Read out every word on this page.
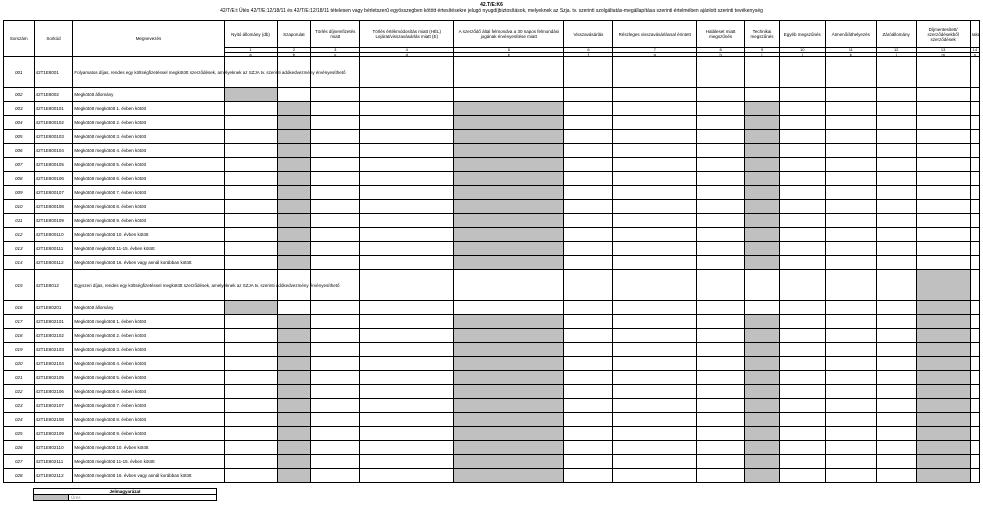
42.T/E:K6
42/T/E:t Ütés 42/T/E:12/18/11 és 42/T/E:12/18/11 tételesen vagy bérletszerű egyösszegben kötött értesítésekre jelugó nyugdíjbiztosítások, melyeknek az Szja. tv. szerinti szolgáltatás-megállapítása szerinti értelmében ajánlott szerinti tevékenység
Sorszám	Sorkód	Megnevezés	Nyitó állomány (db)	Szaporulat	Törlés díjnemfizetés miatt	Törlés értékmódosítás miatt (HÉL) Lejárat/visszavásárlás miatt (E)	A szerződő által felmondva a 30 napos felmondási jogának érvényesítése miatt	Visszavásárlás	Részleges visszavásárlással érintett	Haláleset miatt megszűnés	Technikai megszűnés	Egyéb megszűnés	Átmenő/áthelyezés	Záróállomány	Díjmentesített/ szerződésekből szerződések	Iaké
			1	2	3	4	5	6	7	8	9	10	11	12	13	14
			a	b	c	d	e	f	g	h	i	j	k	l	m	n
001	42T1E8001	Folyamatos díjas, rendes egy költségfizetéssel megkötött szerződések, amelyeknek az SZJA tv. szerinti adókedvezmény érvényesíthető														
002	42T1E8002	Megkötött állomány														
003	42T1E800101	Megkötött megkötött 1. évben kötött														
004	42T1E800102	Megkötött megkötött 2. évben kötött														
005	42T1E800103	Megkötött megkötött 3. évben kötött														
006	42T1E800104	Megkötött megkötött 4. évben kötött														
007	42T1E800105	Megkötött megkötött 5. évben kötött														
008	42T1E800106	Megkötött megkötött 6. évben kötött														
009	42T1E800107	Megkötött megkötött 7. évben kötött														
010	42T1E800108	Megkötött megkötött 8. évben kötött														
011	42T1E800109	Megkötött megkötött 9. évben kötött														
012	42T1E800110	Megkötött megkötött 10. évben kötött														
013	42T1E800111	Megkötött megkötött 11-15. évben kötött														
014	42T1E800112	Megkötött megkötött 16. évben vagy annál korábban kötött														
015	42T1E8012	Egyszeri díjas, rendes egy költségfizetéssel megkötött szerződések, amelyeknek az SZJA tv. szerinti adókedvezmény érvényesíthető														
016	42T1E80201	Megkötött állomány														
017	42T1E802101	Megkötött megkötött 1. évben kötött														
018	42T1E802102	Megkötött megkötött 2. évben kötött														
019	42T1E802103	Megkötött megkötött 3. évben kötött														
020	42T1E802104	Megkötött megkötött 4. évben kötött														
021	42T1E802105	Megkötött megkötött 5. évben kötött														
022	42T1E802106	Megkötött megkötött 6. évben kötött														
023	42T1E802107	Megkötött megkötött 7. évben kötött														
024	42T1E802108	Megkötött megkötött 8. évben kötött														
025	42T1E802109	Megkötött megkötött 9. évben kötött														
026	42T1E802110	Megkötött megkötött 10. évben kötött														
027	42T1E802111	Megkötött megkötött 11-15. évben kötött														
028	42T1E802112	Megkötött megkötött 16. évben vagy annál korábban kötött														
Jelmagyarázat
	Üres
